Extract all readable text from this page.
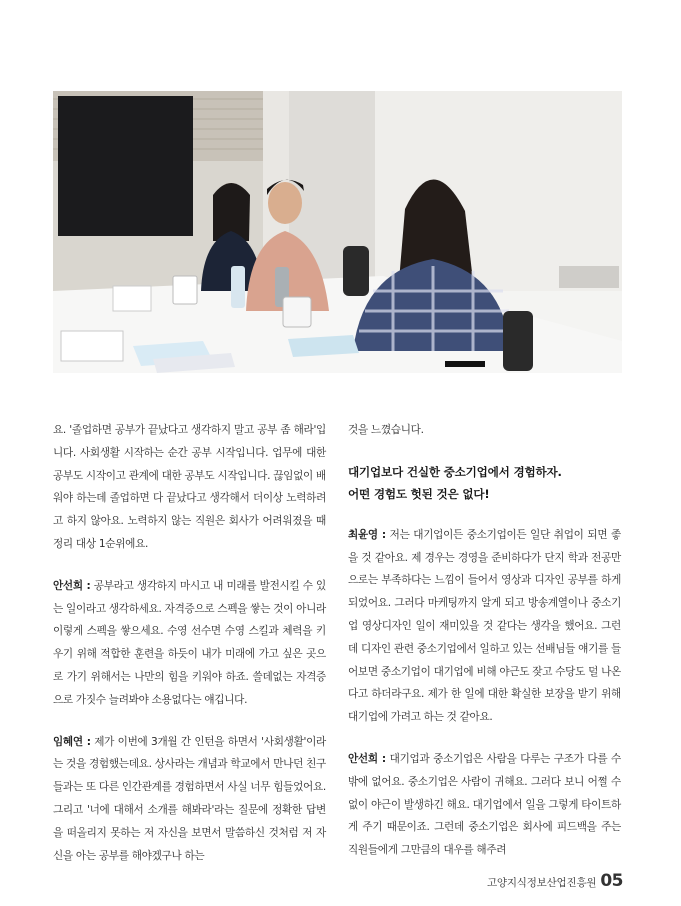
요. '졸업하면 공부가 끝났다고 생각하지 말고 공부 좀 해라'입니다. 사회생활 시작하는 순간 공부 시작입니다. 업무에 대한 공부도 시작이고 관계에 대한 공부도 시작입니다. 끊임없이 배워야 하는데 졸업하면 다 끝났다고 생각해서 더이상 노력하려고 하지 않아요. 노력하지 않는 직원은 회사가 어려워졌을 때 정리 대상 1순위에요.

안선희 : 공부라고 생각하지 마시고 내 미래를 발전시킬 수 있는 일이라고 생각하세요. 자격증으로 스펙을 쌓는 것이 아니라 이렇게 스펙을 쌓으세요. 수영 선수면 수영 스킬과 체력을 키우기 위해 적합한 훈련을 하듯이 내가 미래에 가고 싶은 곳으로 가기 위해서는 나만의 힘을 키워야 하죠. 쓸데없는 자격증으로 가짓수 늘려봐야 소용없다는 얘깁니다.

임혜연 : 제가 이번에 3개월 간 인턴을 하면서 '사회생활'이라는 것을 경험했는데요. 상사라는 개념과 학교에서 만나던 친구들과는 또 다른 인간관계를 경험하면서 사실 너무 힘들었어요. 그리고 '너에 대해서 소개를 해봐라'라는 질문에 정확한 답변을 떠올리지 못하는 저 자신을 보면서 말씀하신 것처럼 저 자신을 아는 공부를 해야겠구나 하는

것을 느꼈습니다.

대기업보다 건실한 중소기업에서 경험하자.
어떤 경험도 헛된 것은 없다!

최윤영 : 저는 대기업이든 중소기업이든 일단 취업이 되면 좋을 것 같아요. 제 경우는 경영을 준비하다가 단지 학과 전공만으로는 부족하다는 느낌이 들어서 영상과 디자인 공부를 하게 되었어요. 그러다 마케팅까지 알게 되고 방송계열이나 중소기업 영상디자인 일이 재미있을 것 같다는 생각을 했어요. 그런데 디자인 관련 중소기업에서 일하고 있는 선배님들 얘기를 들어보면 중소기업이 대기업에 비해 야근도 잦고 수당도 덜 나온다고 하더라구요. 제가 한 일에 대한 확실한 보장을 받기 위해 대기업에 가려고 하는 것 같아요.

안선희 : 대기업과 중소기업은 사람을 다루는 구조가 다를 수밖에 없어요. 중소기업은 사람이 귀해요. 그러다 보니 어쩔 수 없이 야근이 발생하긴 해요. 대기업에서 일을 그렇게 타이트하게 주기 때문이죠. 그런데 중소기업은 회사에 피드백을 주는 직원들에게 그만큼의 대우를 해주려

고양지식정보산업진흥원 05
